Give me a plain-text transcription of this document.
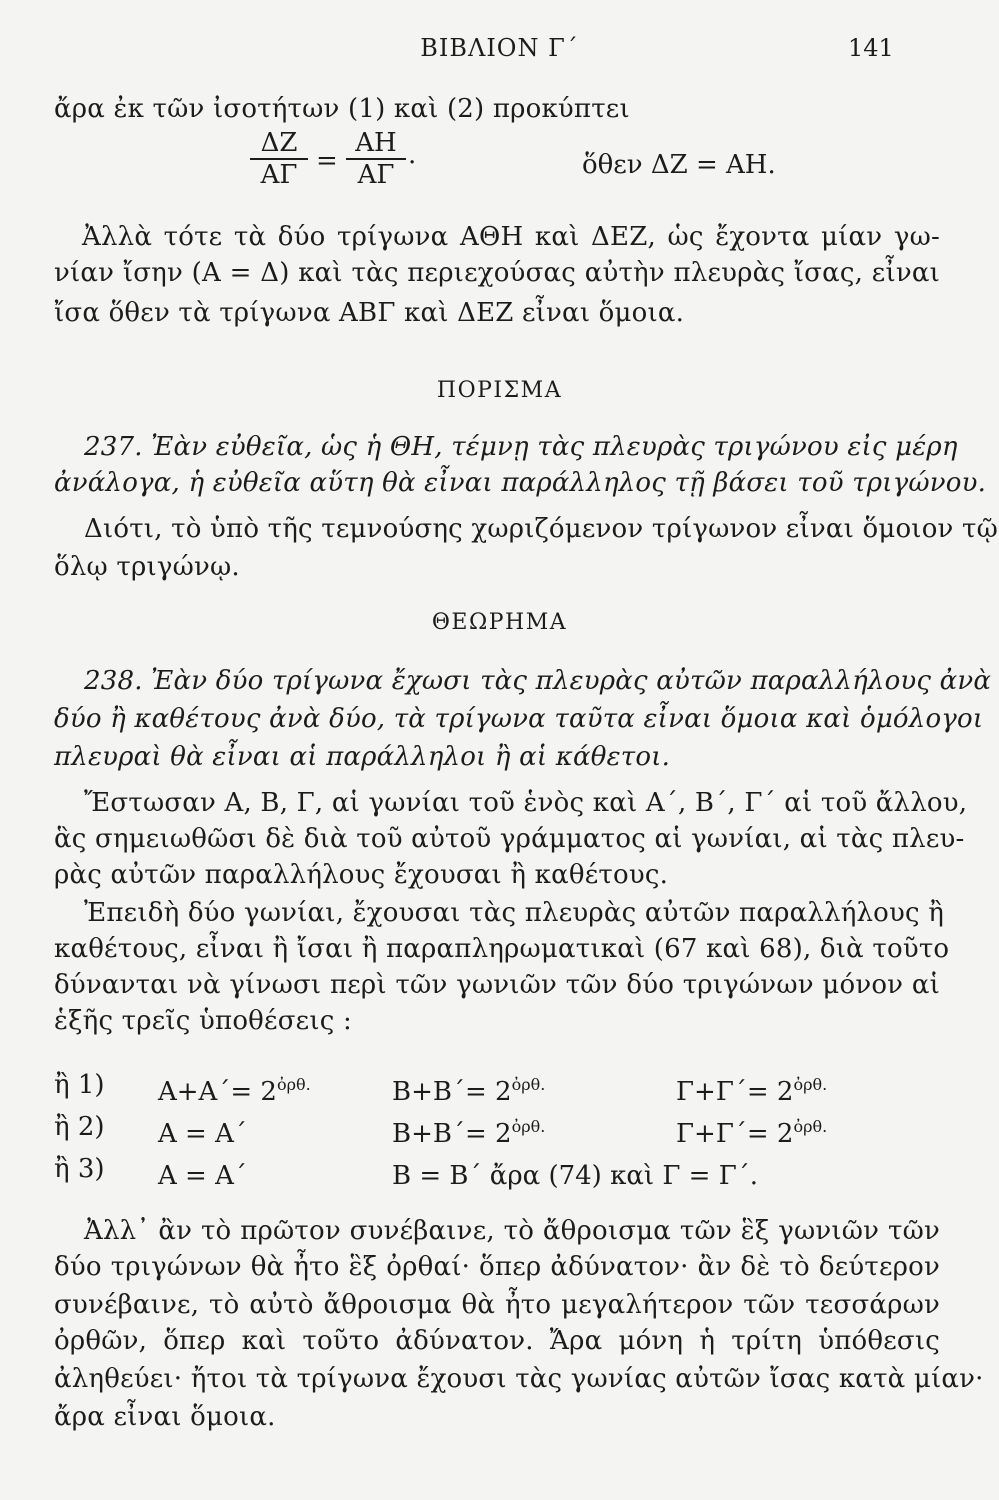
ΒΙΒΛΙΟΝ Γ΄	141
ἄρα ἐκ τῶν ἰσοτήτων (1) καὶ (2) προκύπτει
$\frac{\Delta Z}{A\Gamma} = \frac{AH}{A\Gamma}$ .	ὅθεν ΔΖ = ΑΗ.
Ἀλλὰ τότε τὰ δύο τρίγωνα ΑΘΗ καὶ ΔΕΖ, ὡς ἔχοντα μίαν γω-
νίαν ἴσην (Α = Δ) καὶ τὰς περιεχούσας αὐτὴν πλευρὰς ἴσας, εἶναι
ἴσα ὅθεν τὰ τρίγωνα ΑΒΓ καὶ ΔΕΖ εἶναι ὅμοια.
ΠΟΡΙΣΜΑ
237. Ἐὰν εὐθεῖα, ὡς ἡ ΘΗ, τέμνῃ τὰς πλευρὰς τριγώνου εἰς μέρη
ἀνάλογα, ἡ εὐθεῖα αὕτη θὰ εἶναι παράλληλος τῇ βάσει τοῦ τριγώνου.
Διότι, τὸ ὑπὸ τῆς τεμνούσης χωριζόμενον τρίγωνον εἶναι ὅμοιον τῷ
ὅλῳ τριγώνῳ.
ΘΕΩΡΗΜΑ
238. Ἐὰν δύο τρίγωνα ἔχωσι τὰς πλευρὰς αὐτῶν παραλλήλους ἀνὰ
δύο ἢ καθέτους ἀνὰ δύο, τὰ τρίγωνα ταῦτα εἶναι ὅμοια καὶ ὁμόλογοι
πλευραὶ θὰ εἶναι αἱ παράλληλοι ἢ αἱ κάθετοι.
Ἔστωσαν Α, Β, Γ, αἱ γωνίαι τοῦ ἑνὸς καὶ Α΄, Β΄, Γ΄ αἱ τοῦ ἄλλου,
ἃς σημειωθῶσι δὲ διὰ τοῦ αὐτοῦ γράμματος αἱ γωνίαι, αἱ τὰς πλευ-
ρὰς αὐτῶν παραλλήλους ἔχουσαι ἢ καθέτους.
Ἐπειδὴ δύο γωνίαι, ἔχουσαι τὰς πλευρὰς αὐτῶν παραλλήλους ἢ
καθέτους, εἶναι ἢ ἴσαι ἢ παραπληρωματικαὶ (67 καὶ 68), διὰ τοῦτο
δύνανται νὰ γίνωσι περὶ τῶν γωνιῶν τῶν δύο τριγώνων μόνον αἱ
ἑξῆς τρεῖς ὑποθέσεις :
ἢ 1) $A+A΄= 2^{ὀ\rho\theta.}$	$B+B΄= 2^{ὀ\rho\theta.}$	$\Gamma+\Gamma΄= 2^{ὀ\rho\theta.}$
ἢ 2) Α = Α΄	$B+B΄= 2^{ὀ\rho\theta.}$	$\Gamma+\Gamma΄= 2^{ὀ\rho\theta.}$
ἢ 3) Α = Α΄	Β = Β΄ ἄρα (74) καὶ Γ = Γ΄.
Ἀλλ᾿ ἂν τὸ πρῶτον συνέβαινε, τὸ ἄθροισμα τῶν ἓξ γωνιῶν τῶν
δύο τριγώνων θὰ ἦτο ἓξ ὀρθαί· ὅπερ ἀδύνατον· ἂν δὲ τὸ δεύτερον
συνέβαινε, τὸ αὐτὸ ἄθροισμα θὰ ἦτο μεγαλήτερον τῶν τεσσάρων
ὀρθῶν, ὅπερ καὶ τοῦτο ἀδύνατον. Ἄρα μόνη ἡ τρίτη ὑπόθεσις
ἀληθεύει· ἤτοι τὰ τρίγωνα ἔχουσι τὰς γωνίας αὐτῶν ἴσας κατὰ μίαν·
ἄρα εἶναι ὅμοια.
